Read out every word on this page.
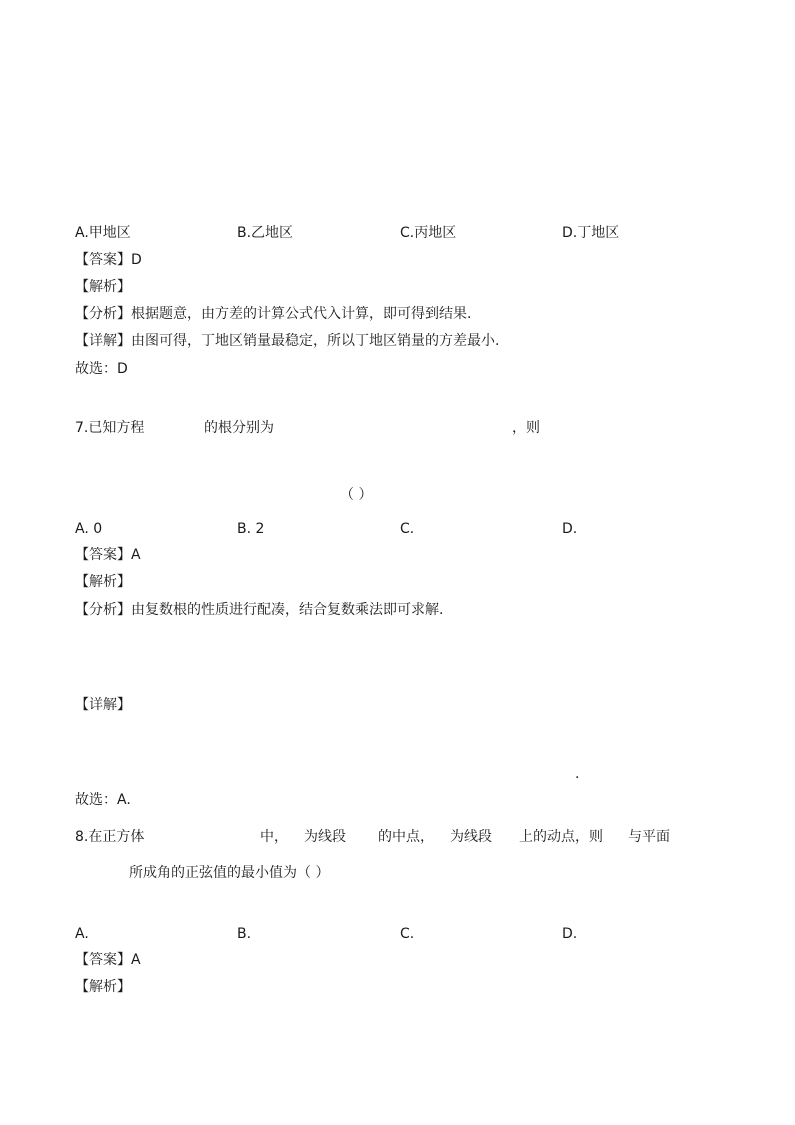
A.甲地区	B.乙地区	C.丙地区	D.丁地区
【答案】D
【解析】
【分析】根据题意，由方差的计算公式代入计算，即可得到结果.
【详解】由图可得，丁地区销量最稳定，所以丁地区销量的方差最小.
故选：D
7.已知方程	的根分别为	，则
（ ）
A. 0	B. 2	C.	D.
【答案】A
【解析】
【分析】由复数根的性质进行配凑，结合复数乘法即可求解.
【详解】
.
故选：A.
8.在正方体	中， 为线段 的中点， 为线段 上的动点，则 与平面
所成角的正弦值的最小值为（ ）
A.	B.	C.	D.
【答案】A
【解析】
